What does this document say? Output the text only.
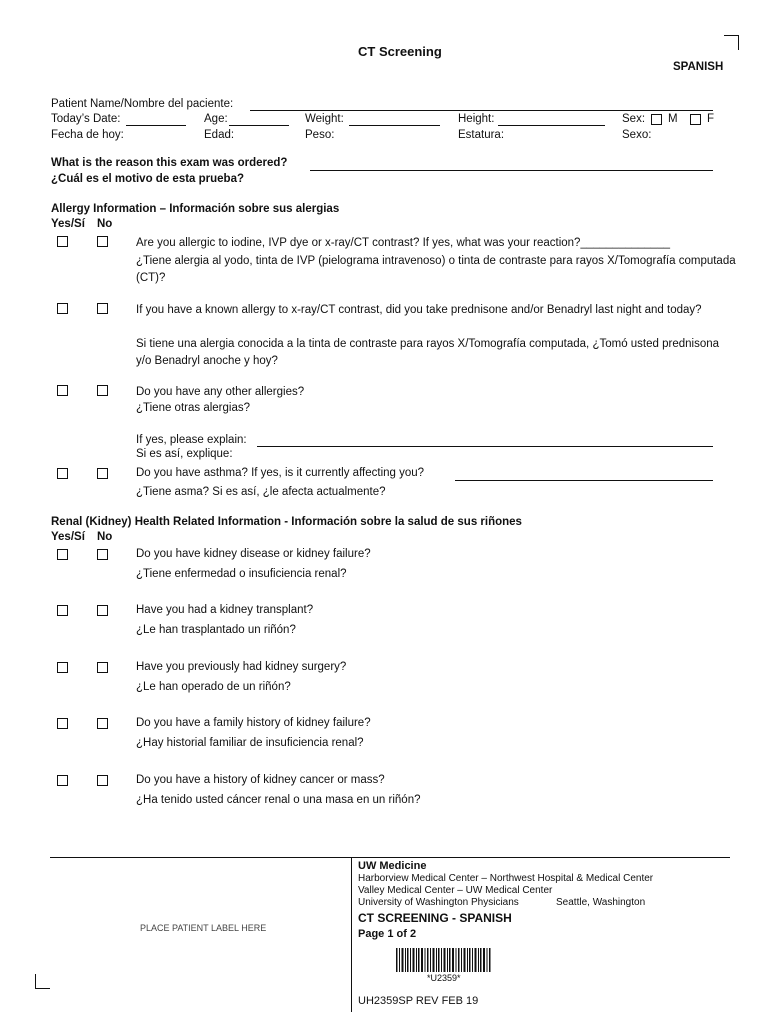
CT Screening
SPANISH
Patient Name/Nombre del paciente:
Today’s Date:
Fecha de hoy:
Age:
Edad:
Weight:
Peso:
Height:
Estatura:
Sex: M	F
Sexo:
What is the reason this exam was ordered?
¿Cuál es el motivo de esta prueba?
Allergy Information – Información sobre sus alergias
Yes/Sí No
Are you allergic to iodine, IVP dye or x-ray/CT contrast? If yes, what was your reaction?______________
¿Tiene alergia al yodo, tinta de IVP (pielograma intravenoso) o tinta de contraste para rayos X/Tomografía computada (CT)?
If you have a known allergy to x-ray/CT contrast, did you take prednisone and/or Benadryl last night and today?
Si tiene una alergia conocida a la tinta de contraste para rayos X/Tomografía computada, ¿Tomó usted prednisona y/o Benadryl anoche y hoy?
Do you have any other allergies?
¿Tiene otras alergias?
If yes, please explain:
Si es así, explique:
Do you have asthma? If yes, is it currently affecting you?
¿Tiene asma? Si es así, ¿le afecta actualmente?
Renal (Kidney) Health Related Information - Información sobre la salud de sus riñones
Yes/Sí No
Do you have kidney disease or kidney failure?
¿Tiene enfermedad o insuficiencia renal?
Have you had a kidney transplant?
¿Le han trasplantado un riñón?
Have you previously had kidney surgery?
¿Le han operado de un riñón?
Do you have a family history of kidney failure?
¿Hay historial familiar de insuficiencia renal?
Do you have a history of kidney cancer or mass?
¿Ha tenido usted cáncer renal o una masa en un riñón?
PLACE PATIENT LABEL HERE
UW Medicine
Harborview Medical Center – Northwest Hospital & Medical Center
Valley Medical Center – UW Medical Center
University of Washington Physicians	Seattle, Washington
CT SCREENING - SPANISH
Page 1 of 2
*U2359*
UH2359SP REV FEB 19
